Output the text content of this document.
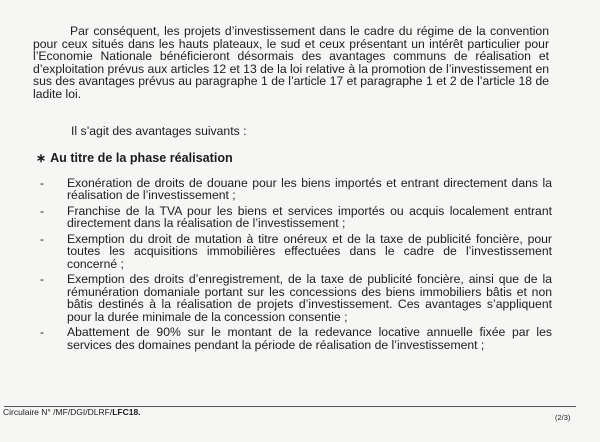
Par conséquent, les projets d’investissement dans le cadre du régime de la convention pour ceux situés dans les hauts plateaux, le sud et ceux présentant un intérêt particulier pour l’Economie Nationale bénéficieront désormais des avantages communs de réalisation et d’exploitation prévus aux articles 12 et 13 de la loi relative à la promotion de l’investissement en sus des avantages prévus au paragraphe 1 de l’article 17 et paragraphe 1 et 2 de l’article 18 de ladite loi.

Il s’agit des avantages suivants :

∗ Au titre de la phase réalisation

-	Exonération de droits de douane pour les biens importés et entrant directement dans la réalisation de l’investissement ;
-	Franchise de la TVA pour les biens et services importés ou acquis localement entrant directement dans la réalisation de l’investissement ;
-	Exemption du droit de mutation à titre onéreux et de la taxe de publicité foncière, pour toutes les acquisitions immobilières effectuées dans le cadre de l’investissement concerné ;
-	Exemption des droits d’enregistrement, de la taxe de publicité foncière, ainsi que de la rémunération domaniale portant sur les concessions des biens immobiliers bâtis et non bâtis destinés à la réalisation de projets d’investissement. Ces avantages s’appliquent pour la durée minimale de la concession consentie ;
-	Abattement de 90% sur le montant de la redevance locative annuelle fixée par les services des domaines pendant la période de réalisation de l’investissement ;

Circulaire N° /MF/DGI/DLRF/LFC18.

(2/3)
